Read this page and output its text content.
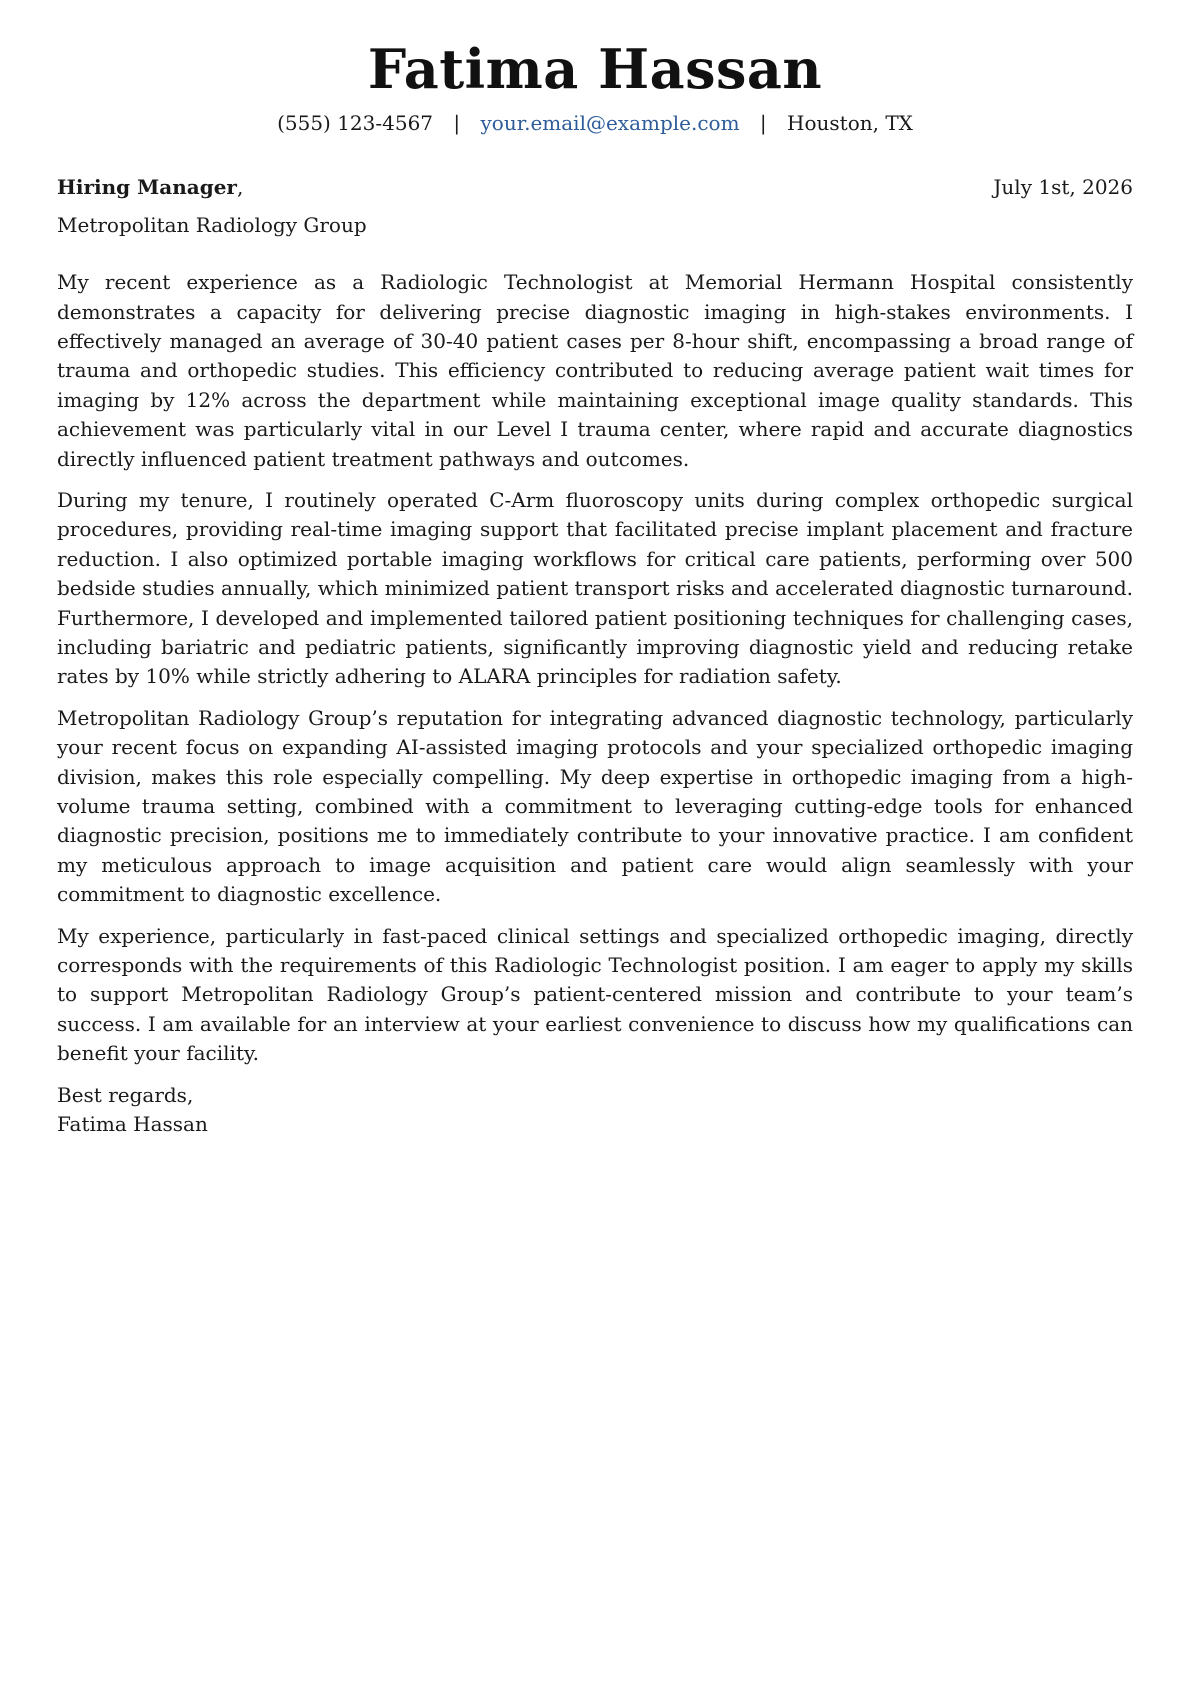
Fatima Hassan
(555) 123-4567 | your.email@example.com | Houston, TX
Hiring Manager,	July 1st, 2026
Metropolitan Radiology Group

My recent experience as a Radiologic Technologist at Memorial Hermann Hospital consistently demonstrates a capacity for delivering precise diagnostic imaging in high-stakes environments. I effectively managed an average of 30-40 patient cases per 8-hour shift, encompassing a broad range of trauma and orthopedic studies. This efficiency contributed to reducing average patient wait times for imaging by 12% across the department while maintaining exceptional image quality standards. This achievement was particularly vital in our Level I trauma center, where rapid and accurate diagnostics directly influenced patient treatment pathways and outcomes.

During my tenure, I routinely operated C-Arm fluoroscopy units during complex orthopedic surgical procedures, providing real-time imaging support that facilitated precise implant placement and fracture reduction. I also optimized portable imaging workflows for critical care patients, performing over 500 bedside studies annually, which minimized patient transport risks and accelerated diagnostic turnaround. Furthermore, I developed and implemented tailored patient positioning techniques for challenging cases, including bariatric and pediatric patients, significantly improving diagnostic yield and reducing retake rates by 10% while strictly adhering to ALARA principles for radiation safety.

Metropolitan Radiology Group’s reputation for integrating advanced diagnostic technology, particularly your recent focus on expanding AI-assisted imaging protocols and your specialized orthopedic imaging division, makes this role especially compelling. My deep expertise in orthopedic imaging from a high-volume trauma setting, combined with a commitment to leveraging cutting-edge tools for enhanced diagnostic precision, positions me to immediately contribute to your innovative practice. I am confident my meticulous approach to image acquisition and patient care would align seamlessly with your commitment to diagnostic excellence.

My experience, particularly in fast-paced clinical settings and specialized orthopedic imaging, directly corresponds with the requirements of this Radiologic Technologist position. I am eager to apply my skills to support Metropolitan Radiology Group’s patient-centered mission and contribute to your team’s success. I am available for an interview at your earliest convenience to discuss how my qualifications can benefit your facility.

Best regards,
Fatima Hassan
